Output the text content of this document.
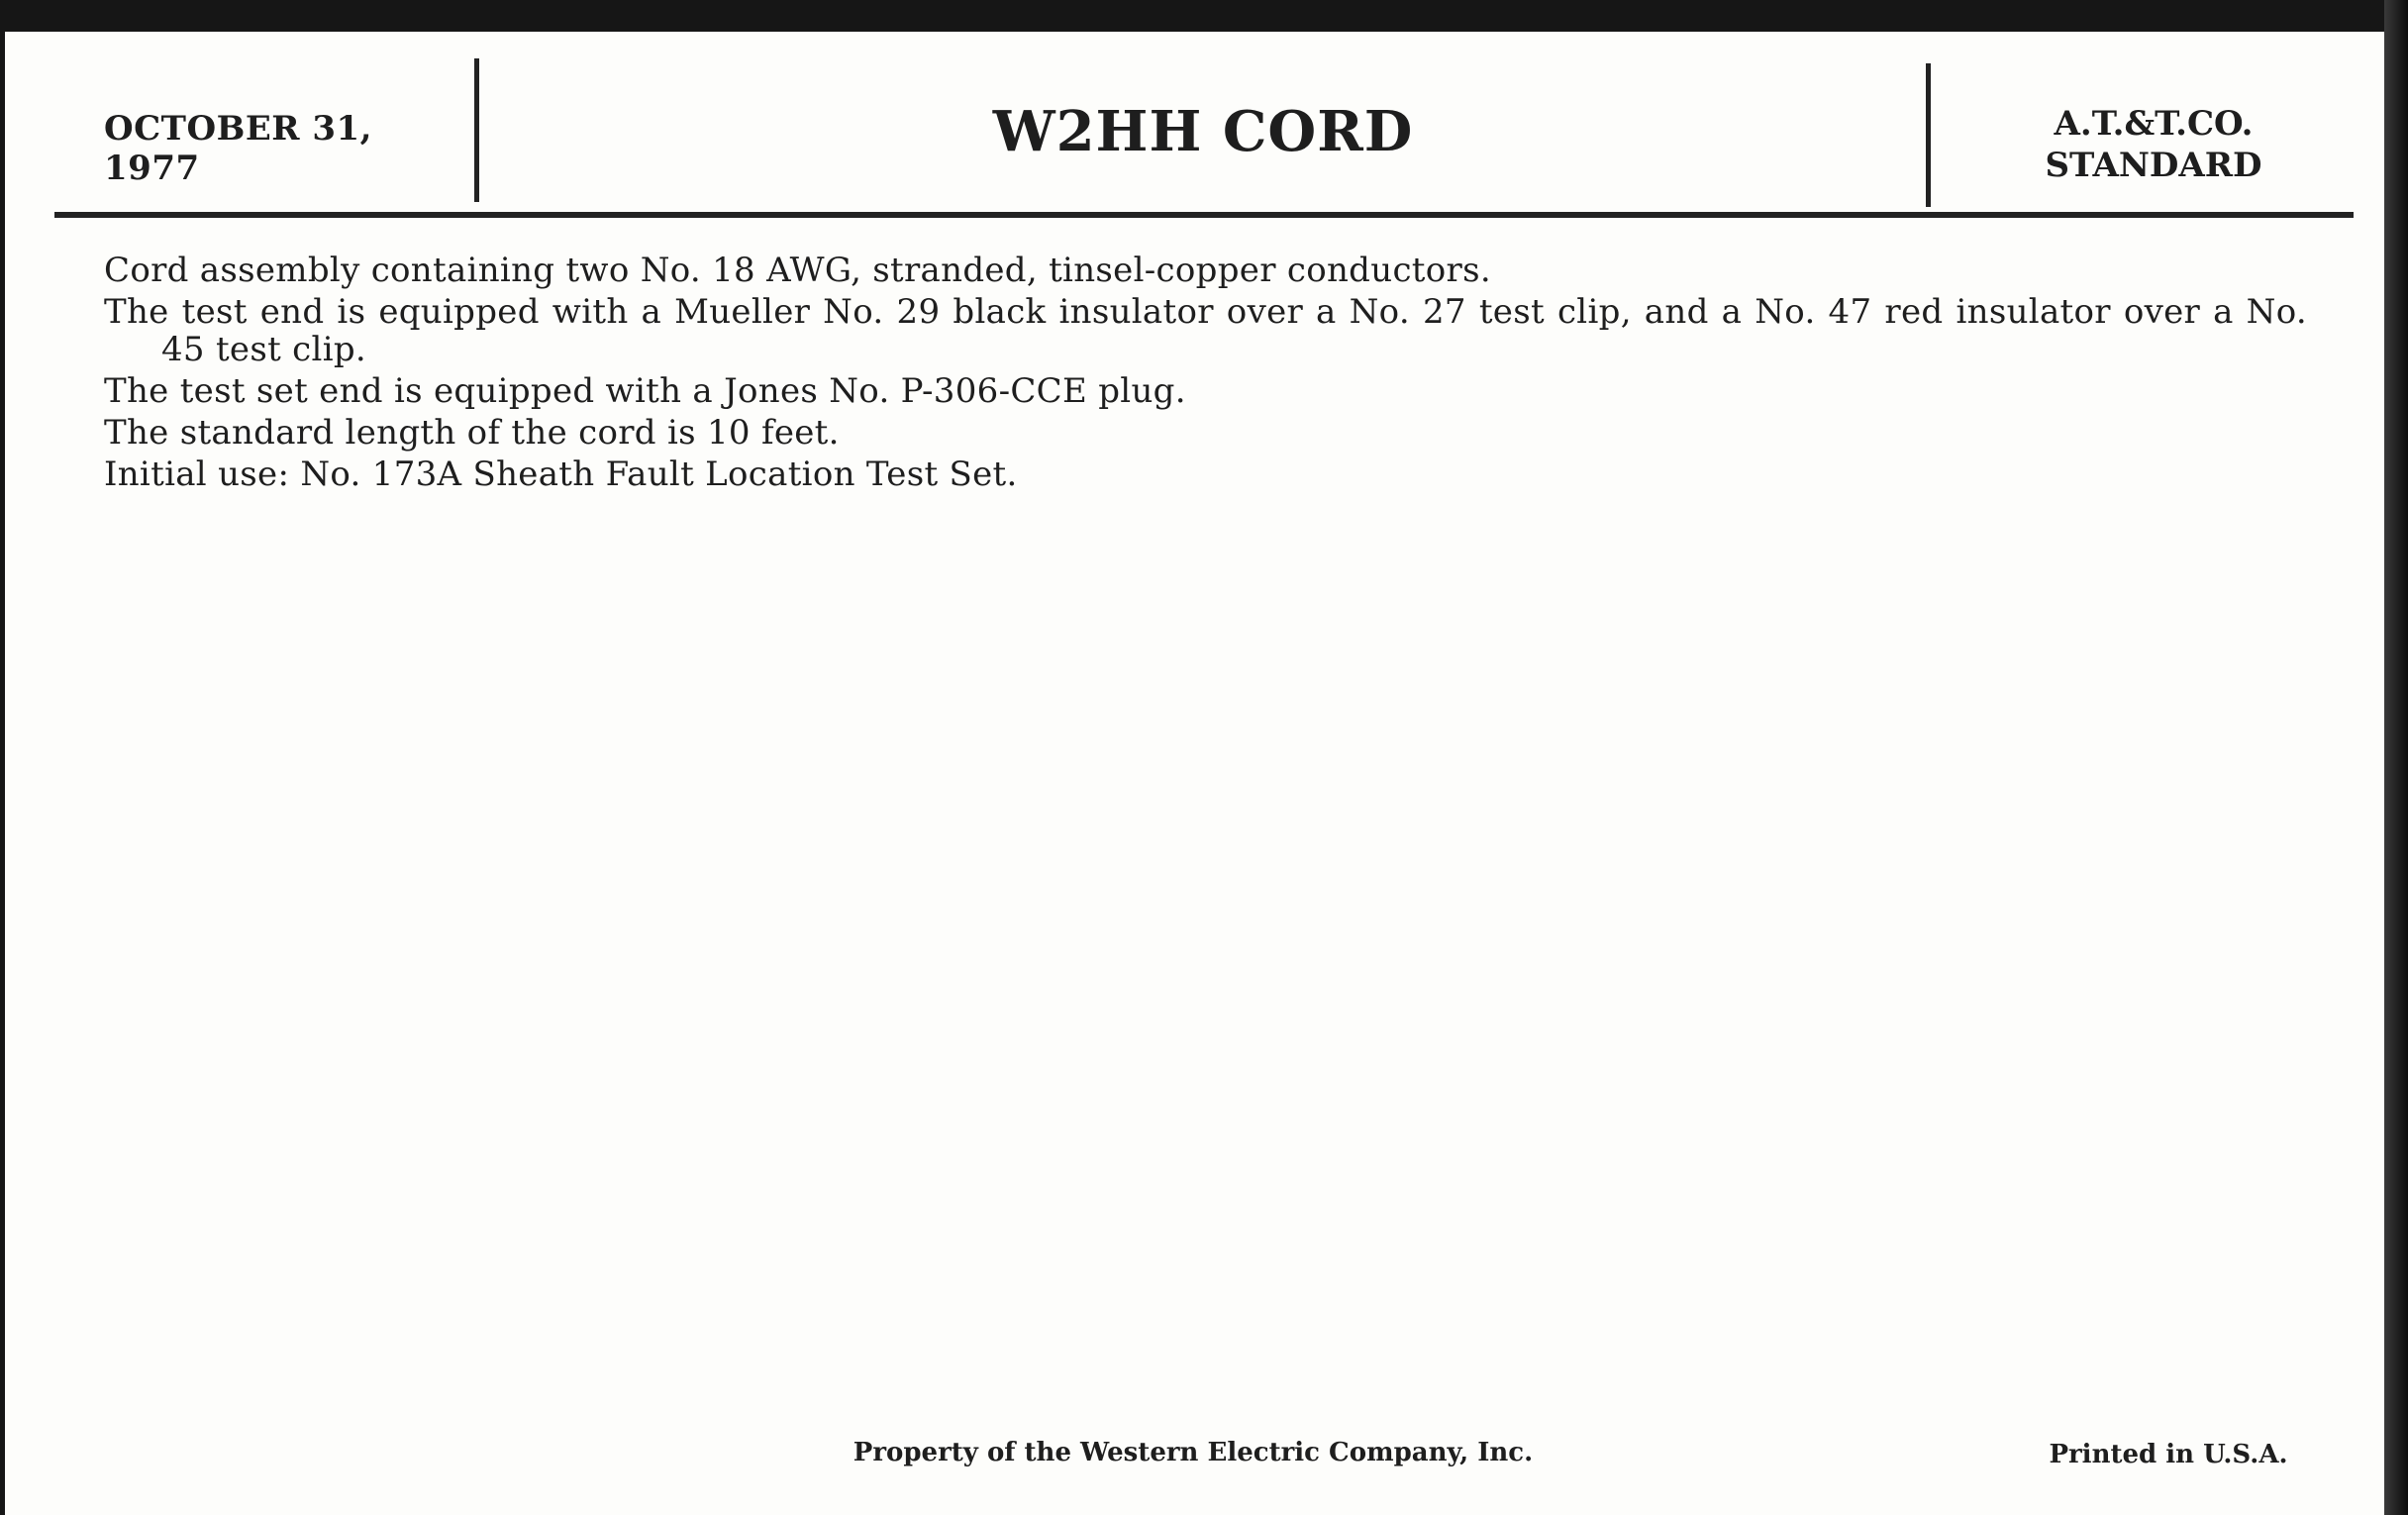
OCTOBER 31, 1977
W2HH CORD	A.T.&T.CO.
STANDARD

Cord assembly containing two No. 18 AWG, stranded, tinsel-copper conductors.

The test end is equipped with a Mueller No. 29 black insulator over a No. 27 test clip, and a No. 47 red insulator over a No. 45 test clip.

The test set end is equipped with a Jones No. P-306-CCE plug.

The standard length of the cord is 10 feet.

Initial use: No. 173A Sheath Fault Location Test Set.

Property of the Western Electric Company, Inc.	Printed in U.S.A.
